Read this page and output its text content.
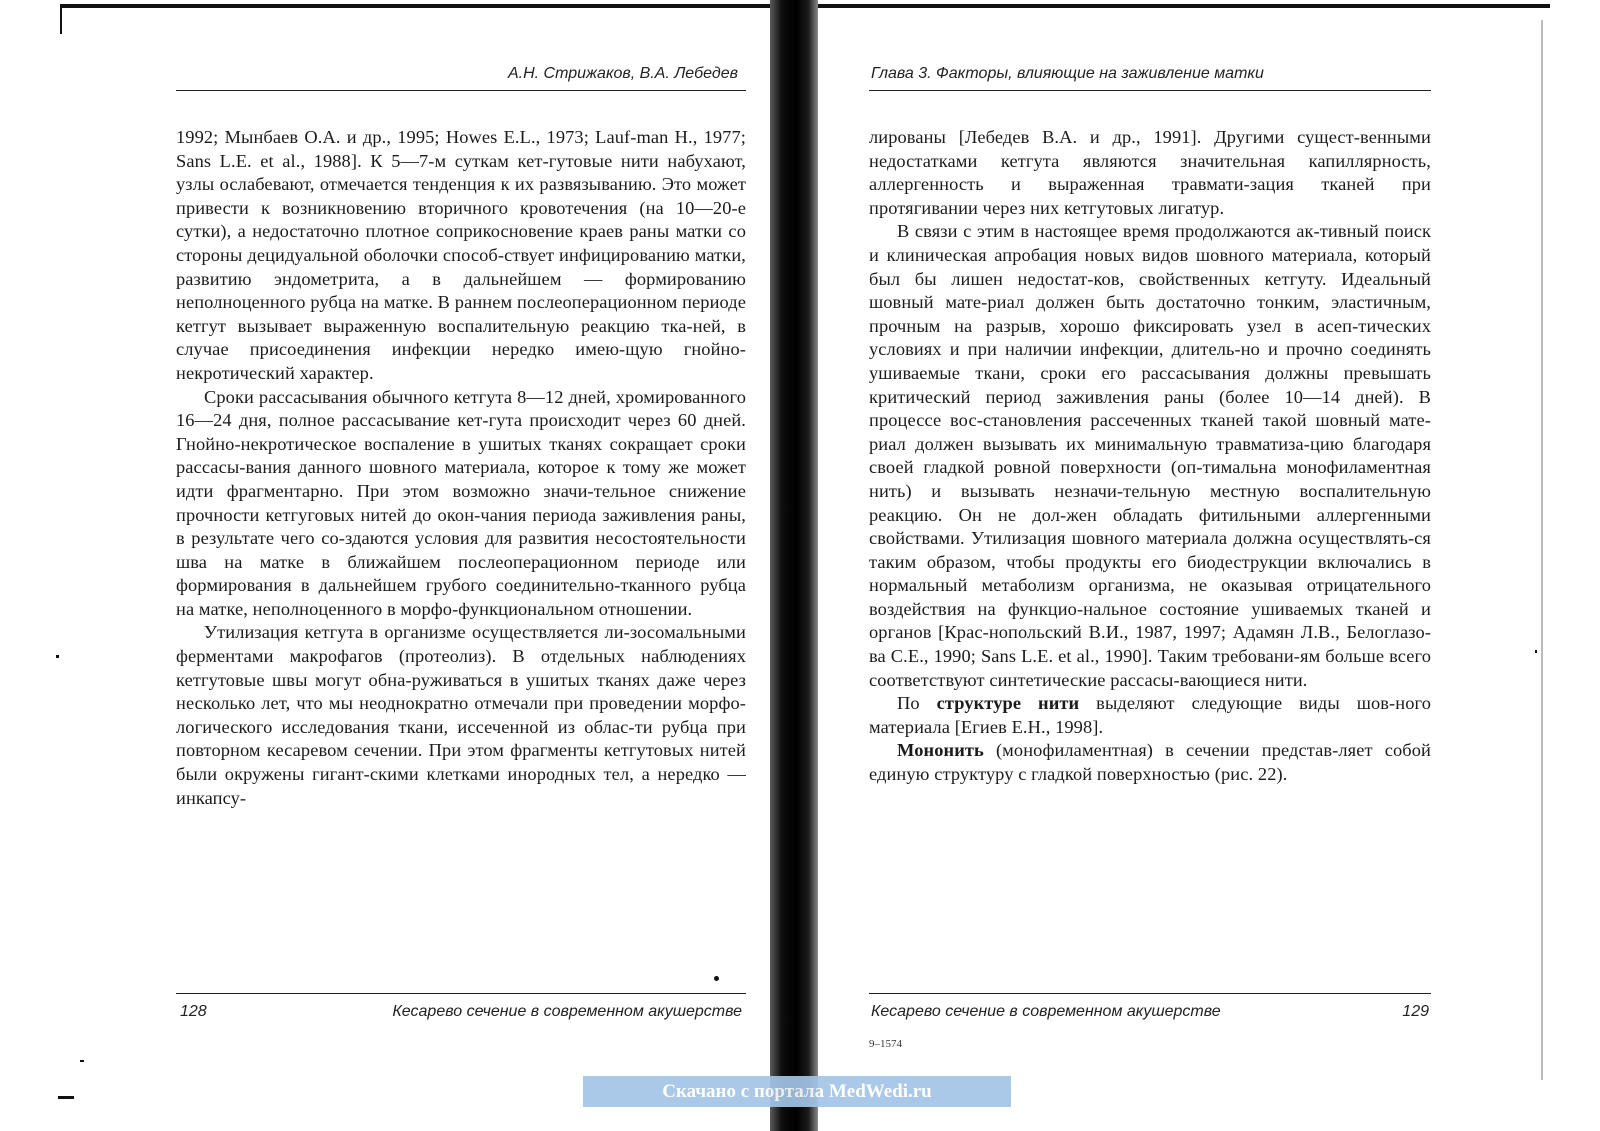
А.Н. Стрижаков, В.А. Лебедев

1992; Мынбаев О.А. и др., 1995; Howes E.L., 1973; Lauf-man H., 1977; Sans L.E. et al., 1988]. К 5—7-м суткам кет-гутовые нити набухают, узлы ослабевают, отмечается тенденция к их развязыванию. Это может привести к возникновению вторичного кровотечения (на 10—20-е сутки), а недостаточно плотное соприкосновение краев раны матки со стороны децидуальной оболочки способ-ствует инфицированию матки, развитию эндометрита, а в дальнейшем — формированию неполноценного рубца на матке. В раннем послеоперационном периоде кетгут вызывает выраженную воспалительную реакцию тка-ней, в случае присоединения инфекции нередко имею-щую гнойно-некротический характер.

Сроки рассасывания обычного кетгута 8—12 дней, хромированного 16—24 дня, полное рассасывание кет-гута происходит через 60 дней. Гнойно-некротическое воспаление в ушитых тканях сокращает сроки рассасы-вания данного шовного материала, которое к тому же может идти фрагментарно. При этом возможно значи-тельное снижение прочности кетгуговых нитей до окон-чания периода заживления раны, в результате чего со-здаются условия для развития несостоятельности шва на матке в ближайшем послеоперационном периоде или формирования в дальнейшем грубого соединительно-тканного рубца на матке, неполноценного в морфо-функциональном отношении.

Утилизация кетгута в организме осуществляется ли-зосомальными ферментами макрофагов (протеолиз). В отдельных наблюдениях кетгутовые швы могут обна-руживаться в ушитых тканях даже через несколько лет, что мы неоднократно отмечали при проведении морфо-логического исследования ткани, иссеченной из облас-ти рубца при повторном кесаревом сечении. При этом фрагменты кетгутовых нитей были окружены гигант-скими клетками инородных тел, а нередко — инкапсу-

128	Кесарево сечение в современном акушерстве
Глава 3. Факторы, влияющие на заживление матки

лированы [Лебедев В.А. и др., 1991]. Другими сущест-венными недостатками кетгута являются значительная капиллярность, аллергенность и выраженная травмати-зация тканей при протягивании через них кетгутовых лигатур.

В связи с этим в настоящее время продолжаются ак-тивный поиск и клиническая апробация новых видов шовного материала, который был бы лишен недостат-ков, свойственных кетгуту. Идеальный шовный мате-риал должен быть достаточно тонким, эластичным, прочным на разрыв, хорошо фиксировать узел в асеп-тических условиях и при наличии инфекции, длитель-но и прочно соединять ушиваемые ткани, сроки его рассасывания должны превышать критический период заживления раны (более 10—14 дней). В процессе вос-становления рассеченных тканей такой шовный мате-риал должен вызывать их минимальную травматиза-цию благодаря своей гладкой ровной поверхности (оп-тимальна монофиламентная нить) и вызывать незначи-тельную местную воспалительную реакцию. Он не дол-жен обладать фитильными аллергенными свойствами. Утилизация шовного материала должна осуществлять-ся таким образом, чтобы продукты его биодеструкции включались в нормальный метаболизм организма, не оказывая отрицательного воздействия на функцио-нальное состояние ушиваемых тканей и органов [Крас-нопольский В.И., 1987, 1997; Адамян Л.В., Белоглазо-ва С.Е., 1990; Sans L.E. et al., 1990]. Таким требовани-ям больше всего соответствуют синтетические рассасы-вающиеся нити.

По структуре нити выделяют следующие виды шов-ного материала [Егиев Е.Н., 1998].

Мононить (монофиламентная) в сечении представ-ляет собой единую структуру с гладкой поверхностью (рис. 22).

Кесарево сечение в современном акушерстве	129
9–1574
Скачано с портала MedWedi.ru
